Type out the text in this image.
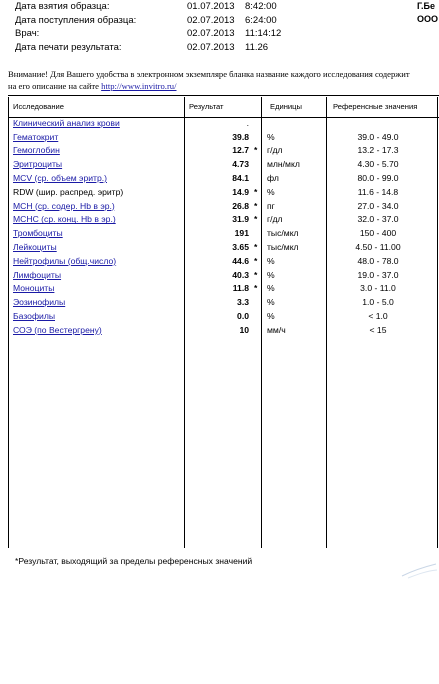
Дата взятия образца:	01.07.2013 8:42:00
Дата поступления образца:	02.07.2013 6:24:00
Врач:	02.07.2013 11:14:12
Дата печати результата:	02.07.2013 11.26
Г.Бе
ООО
Внимание! Для Вашего удобства в электронном экземпляре бланка название каждого исследования содержит
на его описание на сайте http://www.invitro.ru/
Исследование	Результат	Единицы	Референсные значения
Клинический анализ крови	.
Гематокрит	39.8 %	39.0 - 49.0
Гемоглобин	12.7 * г/дл	13.2 - 17.3
Эритроциты	4.73 млн/мкл	4.30 - 5.70
MCV (ср. объем эритр.)	84.1 фл	80.0 - 99.0
RDW (шир. распред. эритр)	14.9 * %	11.6 - 14.8
MCH (ср. содер. Hb в эр.)	26.8 * пг	27.0 - 34.0
MCHC (ср. конц. Hb в эр.)	31.9 * г/дл	32.0 - 37.0
Тромбоциты	191 тыс/мкл	150 - 400
Лейкоциты	3.65 * тыс/мкл	4.50 - 11.00
Нейтрофилы (общ.число)	44.6 * %	48.0 - 78.0
Лимфоциты	40.3 * %	19.0 - 37.0
Моноциты	11.8 * %	3.0 - 11.0
Эозинофилы	3.3 %	1.0 - 5.0
Базофилы	0.0 %	< 1.0
СОЭ (по Вестергрену)	10 мм/ч	< 15
*Результат, выходящий за пределы референсных значений
